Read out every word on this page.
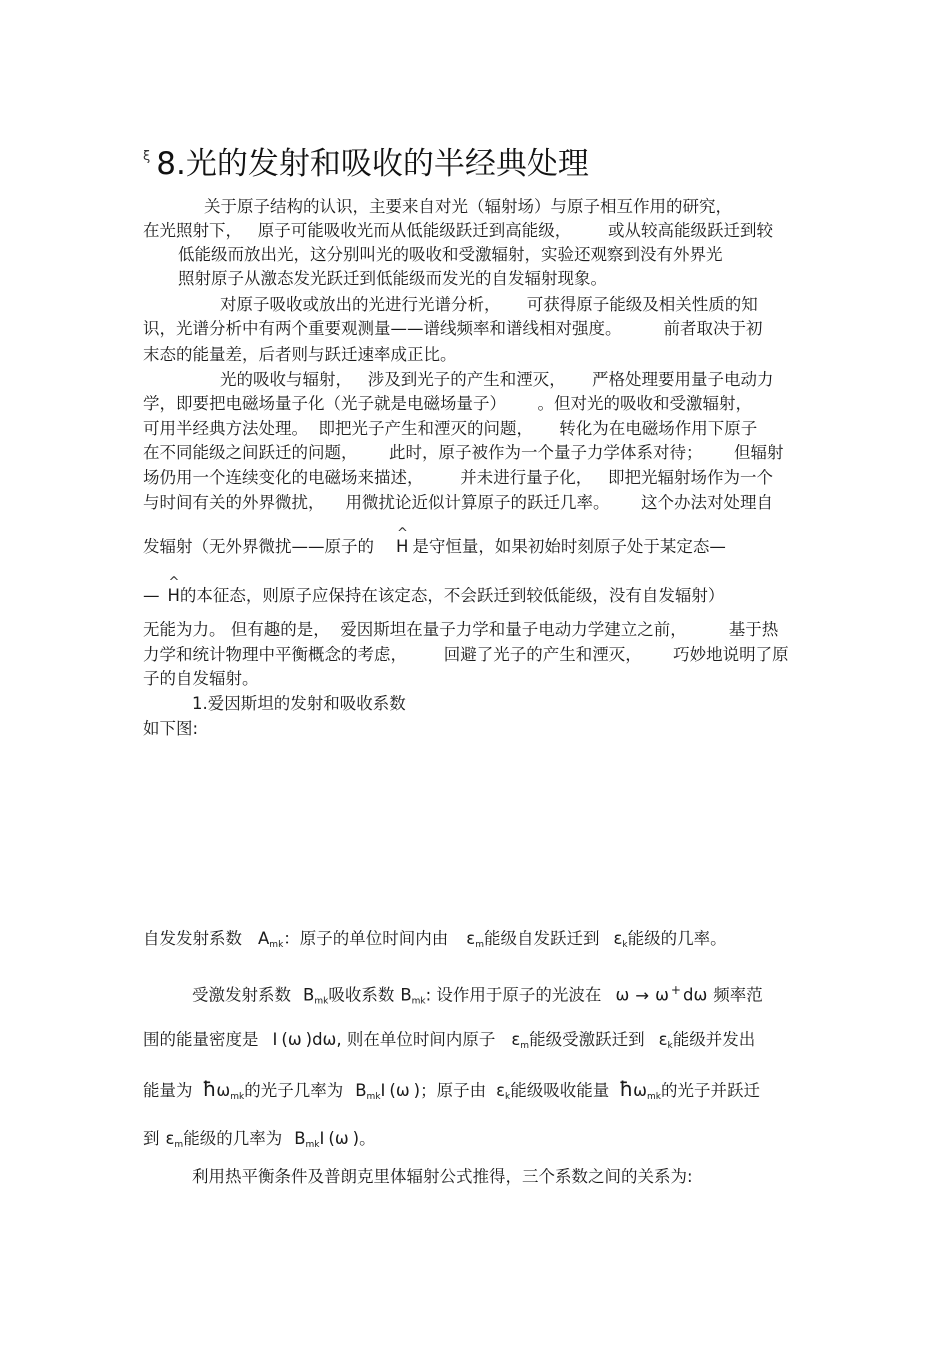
$^\xi$ 8.光的发射和吸收的半经典处理
关于原子结构的认识，主要来自对光（辐射场）与原子相互作用的研究，
在光照射下，   原子可能吸收光而从低能级跃迁到高能级，       或从较高能级跃迁到较
低能级而放出光，这分别叫光的吸收和受激辐射，实验还观察到没有外界光
照射原子从激态发光跃迁到低能级而发光的自发辐射现象。
对原子吸收或放出的光进行光谱分析，     可获得原子能级及相关性质的知
识，光谱分析中有两个重要观测量——谱线频率和谱线相对强度。        前者取决于初
末态的能量差，后者则与跃迁速率成正比。
光的吸收与辐射，   涉及到光子的产生和湮灭，     严格处理要用量子电动力
学，即要把电磁场量子化（光子就是电磁场量子）      。但对光的吸收和受激辐射，
可用半经典方法处理。  即把光子产生和湮灭的问题，     转化为在电磁场作用下原子
在不同能级之间跃迁的问题，      此时，原子被作为一个量子力学体系对待；      但辐射
场仍用一个连续变化的电磁场来描述，       并未进行量子化，   即把光辐射场作为一个
与时间有关的外界微扰，    用微扰论近似计算原子的跃迁几率。      这个办法对处理自
发辐射（无外界微扰——原子的
^
H 是守恒量，如果初始时刻原子处于某定态—
—
^
H的本征态，则原子应保持在该定态，不会跃迁到较低能级，没有自发辐射）
无能为力。 但有趣的是，  爱因斯坦在量子力学和量子电动力学建立之前，        基于热
力学和统计物理中平衡概念的考虑，       回避了光子的产生和湮灭，      巧妙地说明了原
子的自发辐射。
1.爱因斯坦的发射和吸收系数
如下图:
自发发射系数 $A_{mk}$：原子的单位时间内由 $\varepsilon_m$能级自发跃迁到 $\varepsilon_k$能级的几率。
受激发射系数 $B_{mk}$吸收系数 $B_{mk}$: 设作用于原子的光波在 ω → ω + dω 频率范
围的能量密度是 I (ω )dω, 则在单位时间内原子 $\varepsilon_m$能级受激跃迁到 $\varepsilon_k$能级并发出
能量为 $ħ\omega_{mk}$的光子几率为 $B_{mk}I$ (ω )；原子由 $\varepsilon_k$能级吸收能量 $ħ\omega_{mk}$的光子并跃迁
到 $\varepsilon_m$能级的几率为 $B_{mk}I$ (ω )。
利用热平衡条件及普朗克里体辐射公式推得，三个系数之间的关系为:
